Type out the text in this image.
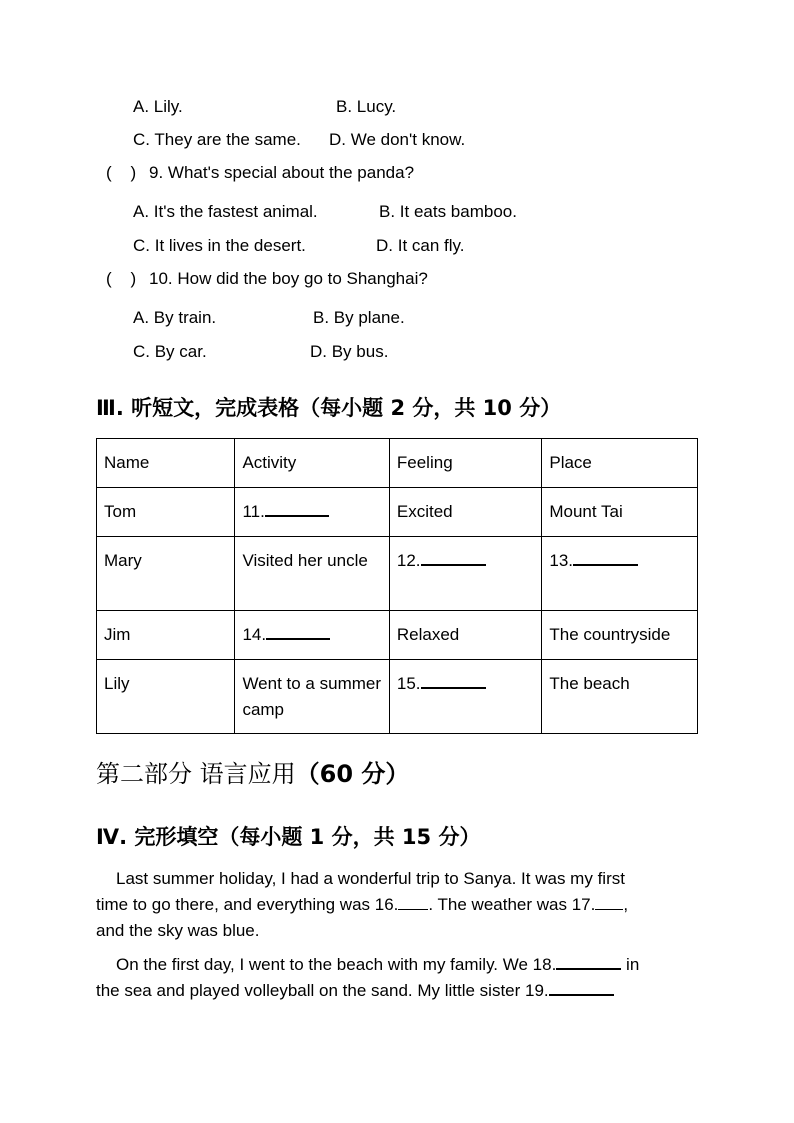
A. Lily.	B. Lucy.
C. They are the same. D. We don't know.
(    ) 9. What's special about the panda?
A. It's the fastest animal.	B. It eats bamboo.
C. It lives in the desert.	D. It can fly.
(    ) 10. How did the boy go to Shanghai?
A. By train.	B. By plane.
C. By car.	D. By bus.
Ⅲ. 听短文，完成表格（每小题 2 分，共 10 分）
Name	Activity	Feeling	Place
Tom	11.	Excited	Mount Tai
Mary	Visited her uncle	12.	13.
Jim	14.	Relaxed	The countryside
Lily	Went to a summer camp	15.	The beach
第二部分 语言应用（60 分）
Ⅳ. 完形填空（每小题 1 分，共 15 分）
Last summer holiday, I had a wonderful trip to Sanya. It was my first
time to go there, and everything was 16. . The weather was 17. ,
and the sky was blue.
On the first day, I went to the beach with my family. We 18.	in
the sea and played volleyball on the sand. My little sister 19.
